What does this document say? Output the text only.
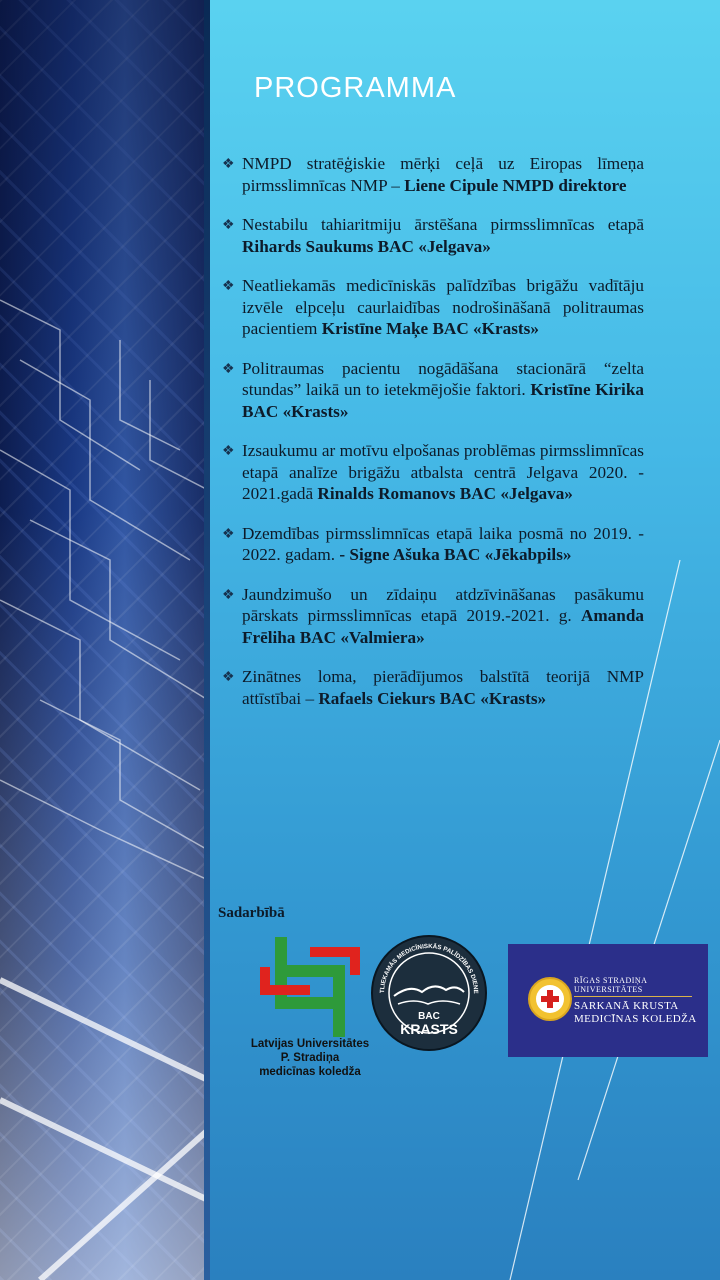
PROGRAMMA
❖ NMPD stratēģiskie mērķi ceļā uz Eiropas līmeņa pirmsslimnīcas NMP – Liene Cipule NMPD direktore
❖ Nestabilu tahiaritmiju ārstēšana pirmsslimnīcas etapā Rihards Saukums BAC «Jelgava»
❖ Neatliekamās medicīniskās palīdzības brigāžu vadītāju izvēle elpceļu caurlaidības nodrošināšanā politraumas pacientiem Kristīne Maķe BAC «Krasts»
❖ Politraumas pacientu nogādāšana stacionārā “zelta stundas” laikā un to ietekmējošie faktori. Kristīne Kirika BAC «Krasts»
❖ Izsaukumu ar motīvu elpošanas problēmas pirmsslimnīcas etapā analīze brigāžu atbalsta centrā Jelgava 2020. - 2021.gadā Rinalds Romanovs BAC «Jelgava»
❖ Dzemdības pirmsslimnīcas etapā laika posmā no 2019. - 2022. gadam. - Signe Ašuka BAC «Jēkabpils»
❖ Jaundzimušo un zīdaiņu atdzīvināšanas pasākumu pārskats pirmsslimnīcas etapā 2019.-2021. g. Amanda Frēliha BAC «Valmiera»
❖ Zinātnes loma, pierādījumos balstītā teorijā NMP attīstībai – Rafaels Ciekurs BAC «Krasts»
Sadarbībā
Latvijas Universitātes
P. Stradiņa
medicīnas koledža
TLIEKAMĀS MEDICĪNISKĀS PALĪDZĪBAS DIENE
BAC
KRASTS
RĪGAS STRADIŅA UNIVERSITĀTES
SARKANĀ KRUSTA
MEDICĪNAS KOLEDŽA
